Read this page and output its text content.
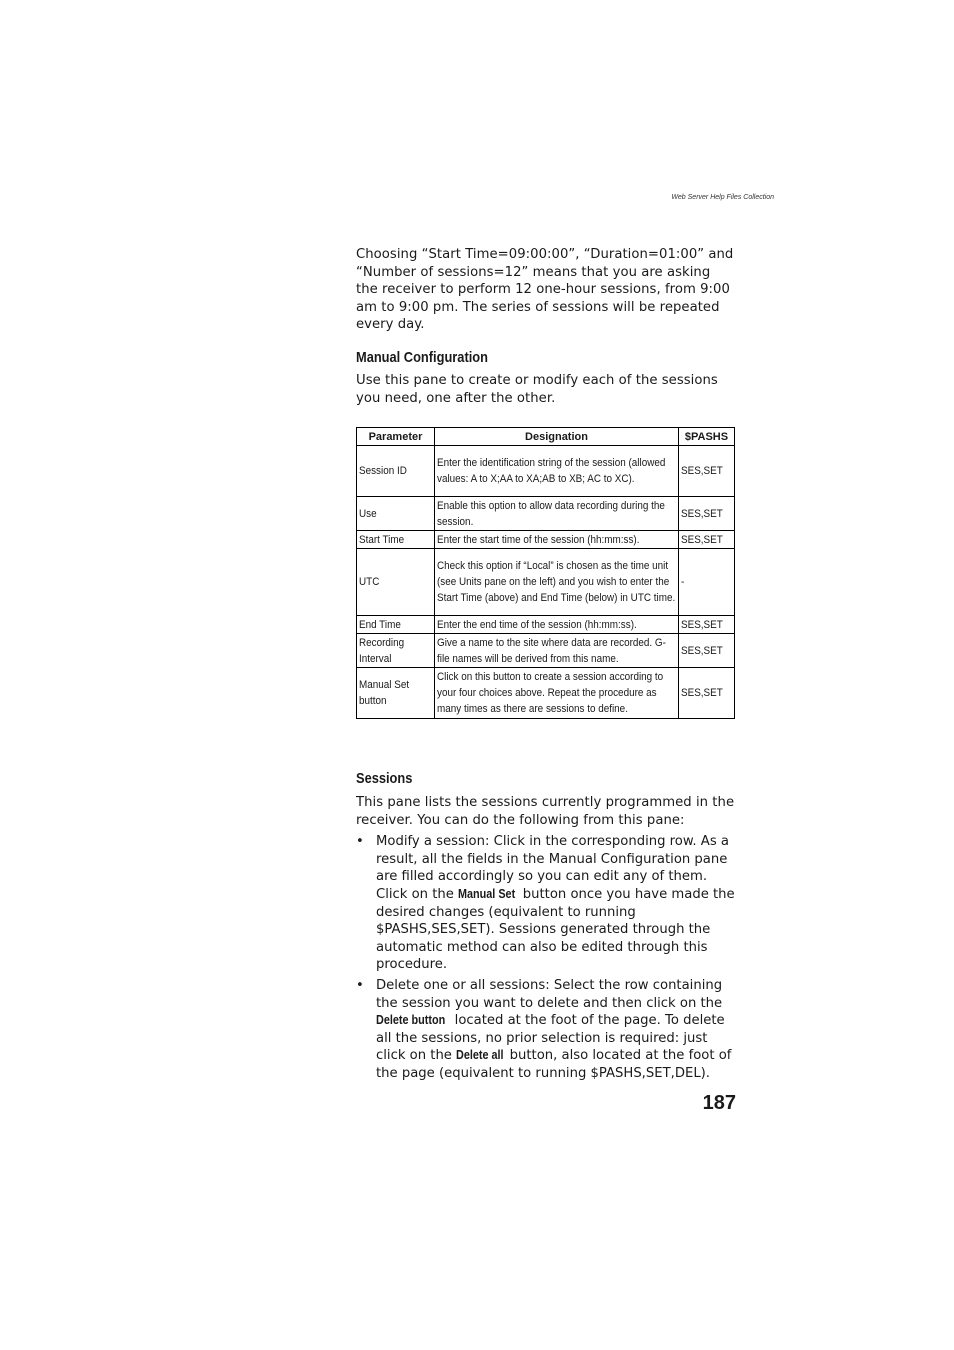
Web Server Help Files Collection

Choosing “Start Time=09:00:00”, “Duration=01:00” and “Number of sessions=12” means that you are asking the receiver to perform 12 one-hour sessions, from 9:00 am to 9:00 pm. The series of sessions will be repeated every day.

Manual Configuration

Use this pane to create or modify each of the sessions you need, one after the other.

Parameter	Designation	$PASHS
Session ID	Enter the identification string of the session (allowed values: A to X;AA to XA;AB to XB; AC to XC).	SES,SET
Use	Enable this option to allow data recording during the session.	SES,SET
Start Time	Enter the start time of the session (hh:mm:ss).	SES,SET
UTC	Check this option if “Local” is chosen as the time unit (see Units pane on the left) and you wish to enter the Start Time (above) and End Time (below) in UTC time.	-
End Time	Enter the end time of the session (hh:mm:ss).	SES,SET
Recording Interval	Give a name to the site where data are recorded. G-file names will be derived from this name.	SES,SET
Manual Set button	Click on this button to create a session according to your four choices above. Repeat the procedure as many times as there are sessions to define.	SES,SET

Sessions

This pane lists the sessions currently programmed in the receiver. You can do the following from this pane:

• Modify a session: Click in the corresponding row. As a result, all the fields in the Manual Configuration pane are filled accordingly so you can edit any of them. Click on the Manual Set button once you have made the desired changes (equivalent to running $PASHS,SES,SET). Sessions generated through the automatic method can also be edited through this procedure.
• Delete one or all sessions: Select the row containing the session you want to delete and then click on the Delete button located at the foot of the page. To delete all the sessions, no prior selection is required: just click on the Delete all button, also located at the foot of the page (equivalent to running $PASHS,SET,DEL).
187
